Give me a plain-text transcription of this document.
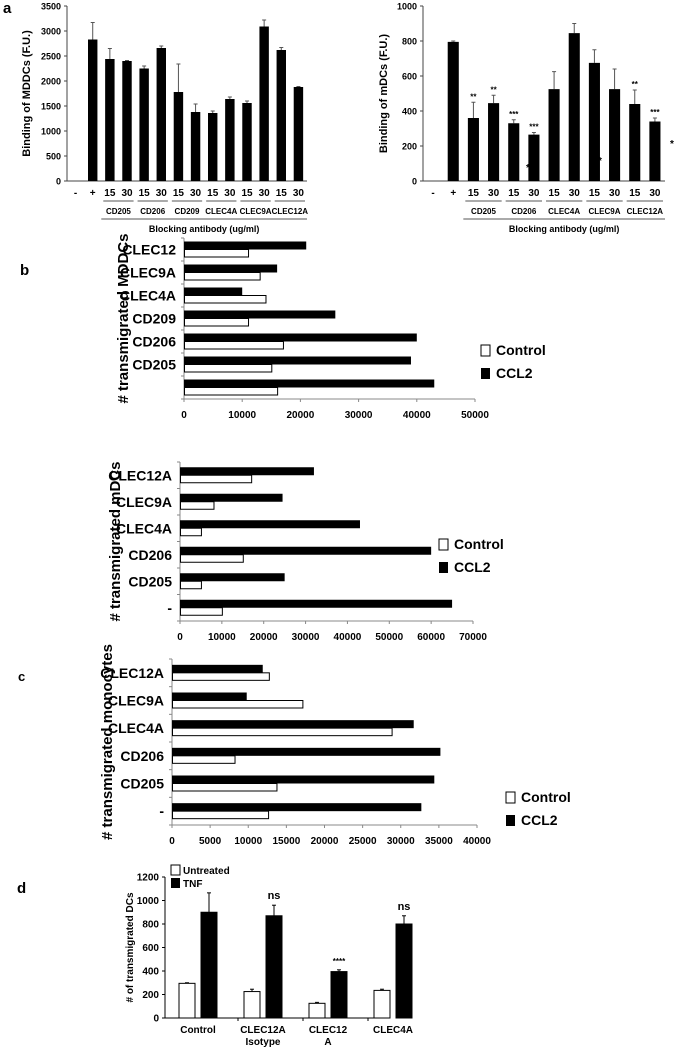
a
b
c
d
0
500
1000
1500
2000
2500
3000
3500
- + 15 30 15 30 15 30 15 30 15 30 15 30
CD205 CD206 CD209 CLEC4A CLEC9A CLEC12A
Blocking antibody (ug/ml)
Binding of MDDCs (F.U.)
0
200
400
600
800
1000
- + 15
**
30
**
15
***
30
***
15 30 15 30 15
**
30
***
CD205 CD206 CLEC4A CLEC9A CLEC12A
Blocking antibody (ug/ml)
Binding of mDCs (F.U.)
*
* *
*
0	10000	20000	30000	40000	50000
CLEC12
CLEC9A
CLEC4A
CD209
CD206
CD205
# transmigrated MDDCs	Control
CCL2
0	10000 20000 30000 40000 50000 60000 70000
CLEC12A
CLEC9A
CLEC4A
CD206
CD205
-
# transmigrated mDCs	Control
CCL2
0 5000 10000 15000 20000 25000 30000 35000 40000
CLEC12A
CLEC9A
CLEC4A
CD206
CD205
-
# transmigrated monocytes	Control
CCL2
0
200
400
600
800
1000
1200
Control
ns
CLEC12A
Isotype
****
CLEC12
A
ns
CLEC4A
# of transmigrated DCs
Untreated
TNF
